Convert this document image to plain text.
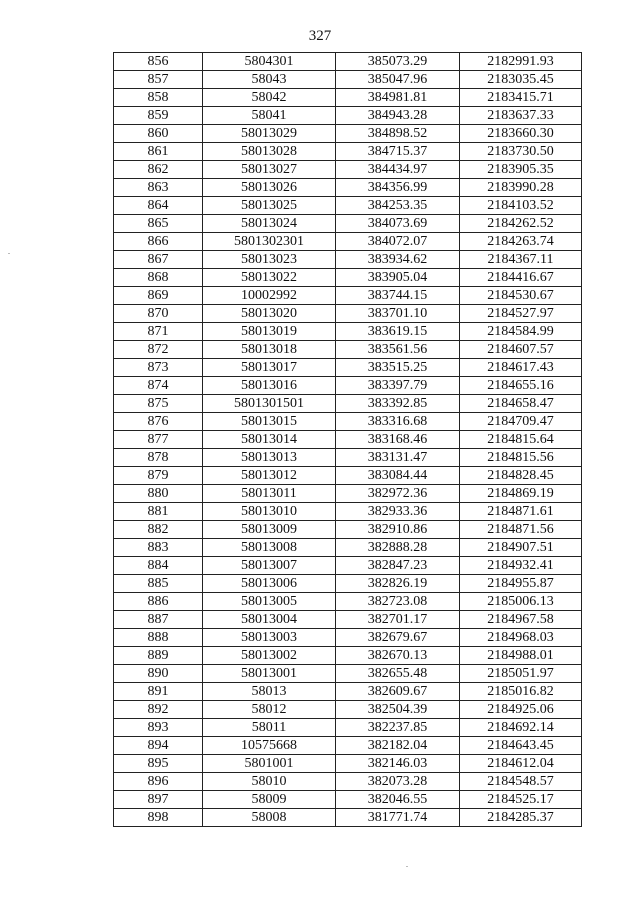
327
856	5804301	385073.29	2182991.93
857	58043	385047.96	2183035.45
858	58042	384981.81	2183415.71
859	58041	384943.28	2183637.33
860	58013029	384898.52	2183660.30
861	58013028	384715.37	2183730.50
862	58013027	384434.97	2183905.35
863	58013026	384356.99	2183990.28
864	58013025	384253.35	2184103.52
865	58013024	384073.69	2184262.52
866	5801302301	384072.07	2184263.74
867	58013023	383934.62	2184367.11
868	58013022	383905.04	2184416.67
869	10002992	383744.15	2184530.67
870	58013020	383701.10	2184527.97
871	58013019	383619.15	2184584.99
872	58013018	383561.56	2184607.57
873	58013017	383515.25	2184617.43
874	58013016	383397.79	2184655.16
875	5801301501	383392.85	2184658.47
876	58013015	383316.68	2184709.47
877	58013014	383168.46	2184815.64
878	58013013	383131.47	2184815.56
879	58013012	383084.44	2184828.45
880	58013011	382972.36	2184869.19
881	58013010	382933.36	2184871.61
882	58013009	382910.86	2184871.56
883	58013008	382888.28	2184907.51
884	58013007	382847.23	2184932.41
885	58013006	382826.19	2184955.87
886	58013005	382723.08	2185006.13
887	58013004	382701.17	2184967.58
888	58013003	382679.67	2184968.03
889	58013002	382670.13	2184988.01
890	58013001	382655.48	2185051.97
891	58013	382609.67	2185016.82
892	58012	382504.39	2184925.06
893	58011	382237.85	2184692.14
894	10575668	382182.04	2184643.45
895	5801001	382146.03	2184612.04
896	58010	382073.28	2184548.57
897	58009	382046.55	2184525.17
898	58008	381771.74	2184285.37
